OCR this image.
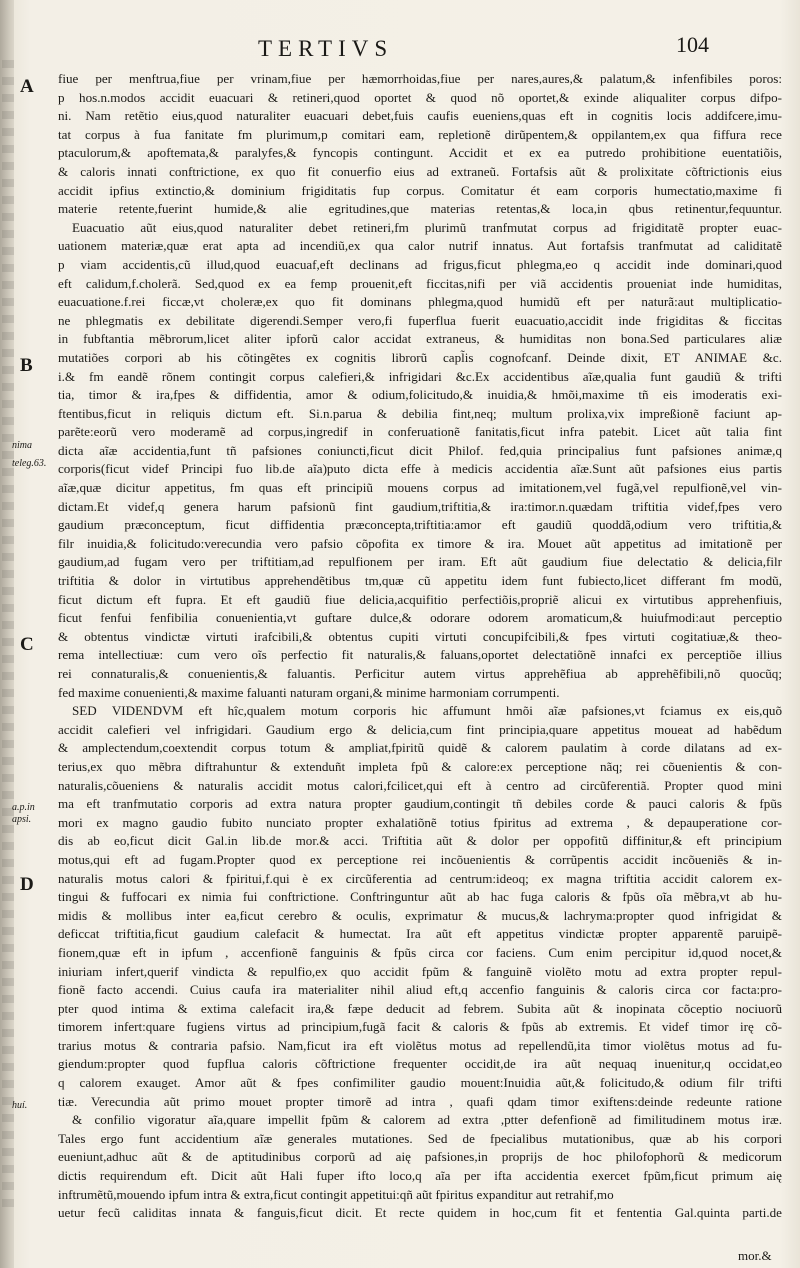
TERTIVS	104
A
B
C
D
nima
teleg.63.
a.p.in
apsi.
huí.
fiue per menftrua,fiue per vrinam,fiue per hæmorrhoidas,fiue per nares,aures,& palatum,& infenfibiles poros:
p hos.n.modos accidit euacuari & retineri,quod oportet & quod nõ oportet,& exinde aliqualiter corpus difpo-
ni. Nam retẽtio eius,quod naturaliter euacuari debet,fuis caufis eueniens,quas eft in cognitis locis addifcere,imu-
tat corpus à fua fanitate fm plurimum,p comitari eam, repletionẽ dirũpentem,& oppilantem,ex qua fiffura rece
ptaculorum,& apoftemata,& paralyfes,& fyncopis contingunt. Accidit et ex ea putredo prohibitione euentatiõis,
& caloris innati conftrictione, ex quo fit conuerfio eius ad extraneũ. Fortafsis aũt & prolixitate cõftrictionis eius
accidit ipfius extinctio,& dominium frigiditatis fup corpus. Comitatur ét eam corporis humectatio,maxime fi
materie retente,fuerint humide,& alie egritudines,que materias retentas,& loca,in qbus retinentur,fequuntur.
Euacuatio aũt eius,quod naturaliter debet retineri,fm plurimũ tranfmutat corpus ad frigiditatẽ propter euac-
uationem materiæ,quæ erat apta ad incendiũ,ex qua calor nutrif innatus. Aut fortafsis tranfmutat ad caliditatẽ
p viam accidentis,cũ illud,quod euacuaf,eft declinans ad frigus,ficut phlegma,eo q accidit inde dominari,quod
eft calidum,f.cholerã. Sed,quod ex ea femp prouenit,eft ficcitas,nifi per viã accidentis proueniat inde humiditas,
euacuatione.f.rei ficcæ,vt choleræ,ex quo fit dominans phlegma,quod humidũ eft per naturã:aut multiplicatio-
ne phlegmatis ex debilitate digerendi.Semper vero,fi fuperflua fuerit euacuatio,accidit inde frigiditas & ficcitas
in fubftantia mẽbrorum,licet aliter ipforũ calor accidat extraneus, & humiditas non bona.Sed particulares aliæ
mutatiões corpori ab his cõtingẽtes ex cognitis librorũ capl̃is cognofcanf. Deinde dixit, ET ANIMAE &c.
i.& fm eandẽ rõnem contingit corpus calefieri,& infrigidari &c.Ex accidentibus aĩæ,qualia funt gaudiũ & trifti
tia, timor & ira,fpes & diffidentia, amor & odium,folicitudo,& inuidia,& hmõi,maxime tñ eis imoderatis exi-
ftentibus,ficut in reliquis dictum eft. Si.n.parua & debilia fint,neq; multum prolixa,vix impreßionẽ faciunt ap-
parẽte:eorũ vero moderamẽ ad corpus,ingredif in conferuationẽ fanitatis,ficut infra patebit. Licet aũt talia fint
dicta aĩæ accidentia,funt tñ pafsiones coniuncti,ficut dicit Philof. fed,quia principalius funt pafsiones animæ,q
corporis(ficut videf Principi fuo lib.de aĩa)puto dicta effe à medicis accidentia aĩæ.Sunt aũt pafsiones eius partis
aĩæ,quæ dicitur appetitus, fm quas eft principiũ mouens corpus ad imitationem,vel fugã,vel repulfionẽ,vel vin-
dictam.Et videf,q genera harum pafsionũ fint gaudium,triftitia,& ira:timor.n.quædam triftitia videf,fpes vero
gaudium præconceptum, ficut diffidentia præconcepta,triftitia:amor eft gaudiũ quoddã,odium vero triftitia,&
filr inuidia,& folicitudo:verecundia vero pafsio cõpofita ex timore & ira. Mouet aũt appetitus ad imitationẽ per
gaudium,ad fugam vero per triftitiam,ad repulfionem per iram. Eft aũt gaudium fiue delectatio & delicia,filr
triftitia & dolor in virtutibus apprehendẽtibus tm,quæ cũ appetitu idem funt fubiecto,licet differant fm modũ,
ficut dictum eft fupra. Et eft gaudiũ fiue delicia,acquifitio perfectiõis,propriẽ alicui ex virtutibus apprehenfiuis,
ficut fenfui fenfibilia conuenientia,vt guftare dulce,& odorare odorem aromaticum,& huiufmodi:aut perceptio
& obtentus vindictæ virtuti irafcibili,& obtentus cupiti virtuti concupifcibili,& fpes virtuti cogitatiuæ,& theo-
rema intellectiuæ: cum vero oĩs perfectio fit naturalis,& faluans,oportet delectatiõnẽ innafci ex perceptiõe illius
rei connaturalis,& conuenientis,& faluantis. Perficitur autem virtus apprehẽfiua ab apprehẽfibili,nõ quocũq;
fed maxime conuenienti,& maxime faluanti naturam organi,& minime harmoniam corrumpenti.
SED VIDENDVM eft hîc,qualem motum corporis hic affumunt hmõi aĩæ pafsiones,vt fciamus ex eis,quõ
accidit calefieri vel infrigidari. Gaudium ergo & delicia,cum fint principia,quare appetitus moueat ad habẽdum
& amplectendum,coextendit corpus totum & ampliat,fpiritũ quidẽ & calorem paulatim à corde dilatans ad ex-
terius,ex quo mẽbra diftrahuntur & extenduñt impleta fpũ & calore:ex perceptione nãq; rei cõuenientis & con-
naturalis,cõueniens & naturalis accidit motus calori,fcilicet,qui eft à centro ad circũferentiã. Propter quod mini
ma eft tranfmutatio corporis ad extra natura propter gaudium,contingit tñ debiles corde & pauci caloris & fpũs
mori ex magno gaudio fubito nunciato propter exhalatiõnẽ totius fpiritus ad extrema , & depauperatione cor-
dis ab eo,ficut dicit Gal.in lib.de mor.& acci. Triftitia aũt & dolor per oppofitũ diffinitur,& eft principium
motus,qui eft ad fugam.Propter quod ex perceptione rei incõuenientis & corrũpentis accidit incõueniẽs & in-
naturalis motus calori & fpiritui,f.qui è ex circũferentia ad centrum:ideoq; ex magna triftitia accidit calorem ex-
tingui & fuffocari ex nimia fui conftrictione. Conftringuntur aũt ab hac fuga caloris & fpũs oĩa mẽbra,vt ab hu-
midis & mollibus inter ea,ficut cerebro & oculis, exprimatur & mucus,& lachryma:propter quod infrigidat &
deficcat triftitia,ficut gaudium calefacit & humectat. Ira aũt eft appetitus vindictæ propter apparentẽ paruipẽ-
fionem,quæ eft in ipfum , accenfionẽ fanguinis & fpũs circa cor faciens. Cum enim percipitur id,quod nocet,&
iniuriam infert,querif vindicta & repulfio,ex quo accidit fpũm & fanguinẽ violẽto motu ad extra propter repul-
fionẽ facto accendi. Cuius caufa ira materialiter nihil aliud eft,q accenfio fanguinis & caloris circa cor facta:pro-
pter quod intima & extima calefacit ira,& fæpe deducit ad febrem. Subita aũt & inopinata cõceptio nociuorũ
timorem infert:quare fugiens virtus ad principium,fugã facit & caloris & fpũs ab extremis. Et videf timor irę cõ-
trarius motus & contraria pafsio. Nam,ficut ira eft violẽtus motus ad repellendũ,ita timor violẽtus motus ad fu-
giendum:propter quod fupflua caloris cõftrictione frequenter occidit,de ira aũt nequaq inuenitur,q occidat,eo
q calorem exauget. Amor aũt & fpes confimiliter gaudio mouent:Inuidia aũt,& folicitudo,& odium filr trifti
tiæ. Verecundia aũt primo mouet propter timorẽ ad intra , quafi qdam timor exiftens:deinde redeunte ratione
& confilio vigoratur aĩa,quare impellit fpũm & calorem ad extra ,ptter defenfionẽ ad fimilitudinem motus iræ.
Tales ergo funt accidentium aĩæ generales mutationes. Sed de fpecialibus mutationibus, quæ ab his corpori
eueniunt,adhuc aũt & de aptitudinibus corporũ ad aię pafsiones,in proprijs de hoc philofophorũ & medicorum
dictis requirendum eft. Dicit aũt Hali fuper ifto loco,q aĩa per ifta accidentia exercet fpũm,ficut primum aię
inftrumẽtũ,mouendo ipfum intra & extra,ficut contingit appetitui:qñ aũt fpiritus expanditur aut retrahif,mo
uetur fecũ caliditas innata & fanguis,ficut dicit. Et recte quidem in hoc,cum fit et fententia Gal.quinta parti.de
mor.&
